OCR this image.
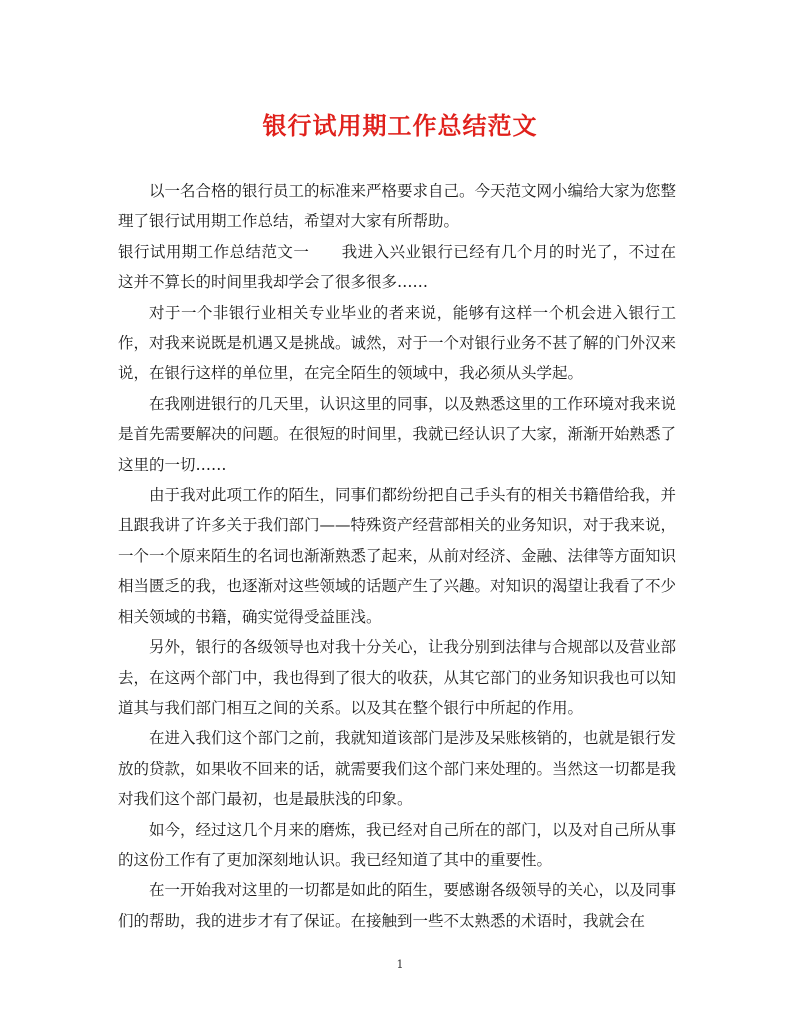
银行试用期工作总结范文

以一名合格的银行员工的标准来严格要求自己。今天范文网小编给大家为您整理了银行试用期工作总结，希望对大家有所帮助。

银行试用期工作总结范文一 我进入兴业银行已经有几个月的时光了，不过在这并不算长的时间里我却学会了很多很多……

对于一个非银行业相关专业毕业的者来说，能够有这样一个机会进入银行工作，对我来说既是机遇又是挑战。诚然，对于一个对银行业务不甚了解的门外汉来说，在银行这样的单位里，在完全陌生的领域中，我必须从头学起。

在我刚进银行的几天里，认识这里的同事，以及熟悉这里的工作环境对我来说是首先需要解决的问题。在很短的时间里，我就已经认识了大家，渐渐开始熟悉了这里的一切……

由于我对此项工作的陌生，同事们都纷纷把自己手头有的相关书籍借给我，并且跟我讲了许多关于我们部门——特殊资产经营部相关的业务知识，对于我来说，一个一个原来陌生的名词也渐渐熟悉了起来，从前对经济、金融、法律等方面知识相当匮乏的我，也逐渐对这些领域的话题产生了兴趣。对知识的渴望让我看了不少相关领域的书籍，确实觉得受益匪浅。

另外，银行的各级领导也对我十分关心，让我分别到法律与合规部以及营业部去，在这两个部门中，我也得到了很大的收获，从其它部门的业务知识我也可以知道其与我们部门相互之间的关系。以及其在整个银行中所起的作用。

在进入我们这个部门之前，我就知道该部门是涉及呆账核销的，也就是银行发放的贷款，如果收不回来的话，就需要我们这个部门来处理的。当然这一切都是我对我们这个部门最初，也是最肤浅的印象。

如今，经过这几个月来的磨炼，我已经对自己所在的部门，以及对自己所从事的这份工作有了更加深刻地认识。我已经知道了其中的重要性。

在一开始我对这里的一切都是如此的陌生，要感谢各级领导的关心，以及同事们的帮助，我的进步才有了保证。在接触到一些不太熟悉的术语时，我就会在

1
